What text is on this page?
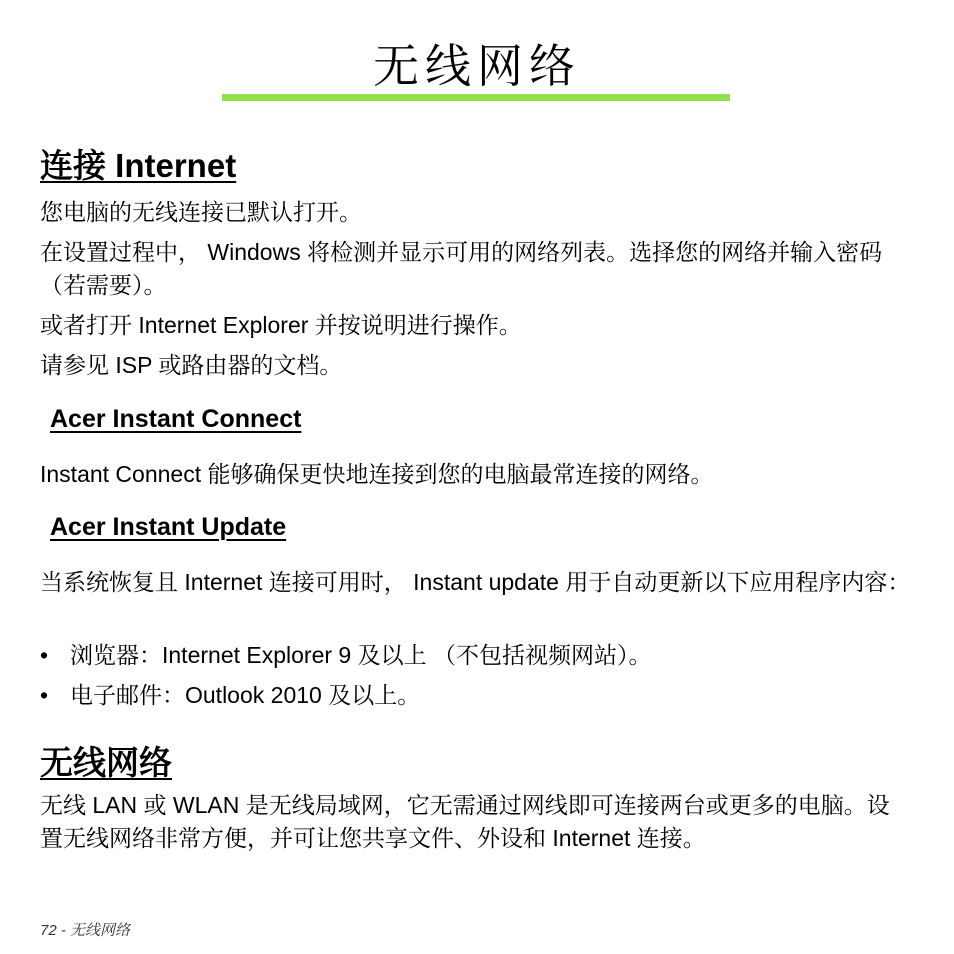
无线网络
连接 Internet

您电脑的无线连接已默认打开。

在设置过程中， Windows 将检测并显示可用的网络列表。选择您的网络并输入密码 （若需要）。

或者打开 Internet Explorer 并按说明进行操作。

请参见 ISP 或路由器的文档。

Acer Instant Connect

Instant Connect 能够确保更快地连接到您的电脑最常连接的网络。

Acer Instant Update

当系统恢复且 Internet 连接可用时， Instant update 用于自动更新以下应用程序内容：

• 浏览器：Internet Explorer 9 及以上 （不包括视频网站）。
• 电子邮件：Outlook 2010 及以上。
无线网络

无线 LAN 或 WLAN 是无线局域网，它无需通过网线即可连接两台或更多的电脑。设置无线网络非常方便，并可让您共享文件、外设和 Internet 连接。

72 - 无线网络
